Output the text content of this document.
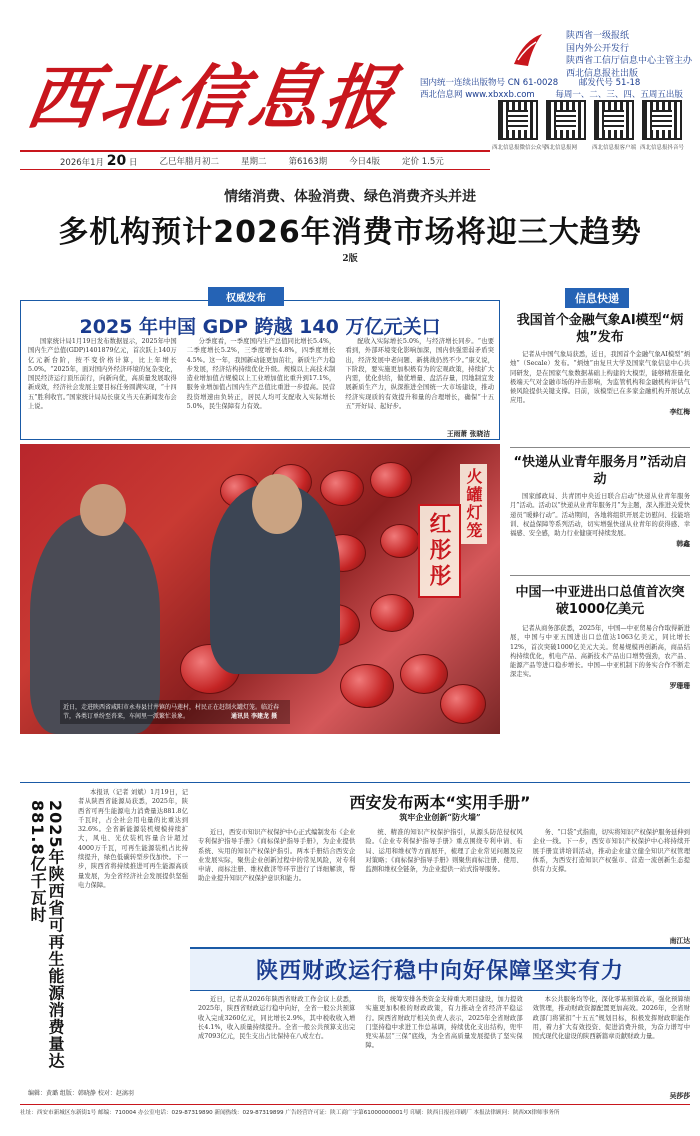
西北信息报
陕西省一级报纸
国内外公开发行
陕西省工信厅信息中心主管主办
西北信息报社出版
国内统一连续出版物号 CN 61-0028 邮发代号 51-18
西北信息网 www.xbxxb.com 每周一、二、三、四、五周五出版
西北信息报微信公众号
西北信息报网	西北信息报客户端 西北信息报抖音号
2026年1月 20 日	乙巳年腊月初二	星期二	第6163期	今日4版	定价 1.5元
情绪消费、体验消费、绿色消费齐头并进
多机构预计2026年消费市场将迎三大趋势
2版
权威发布
2025 年中国 GDP 跨越 140 万亿元关口

国家统计局1月19日发布数据显示，2025年中国国内生产总值(GDP)1401879亿元，首次跃上140万亿元新台阶，按不变价格计算，比上年增长5.0%。“2025年，面对国内外经济环境的复杂变化，国民经济运行顶压前行，向新向优，高质量发展取得新成效，经济社会发展主要目标任务圆满实现，“十四五”胜利收官。”国家统计局局长康义当天在新闻发布会上说。

分季度看，一季度国内生产总值同比增长5.4%，二季度增长5.2%，三季度增长4.8%，四季度增长4.5%。这一年，我国新动能更加茁壮，新质生产力稳步发展，经济结构持续优化升级。规模以上高技术制造业增加值占规模以上工业增加值比重升到17.1%，服务业增加值占国内生产总值比重进一步提高。民营投资增速由负转正，居民人均可支配收入实际增长5.0%，民生保障有力有效。

配收入实际增长5.0%，与经济增长同步。“也要看到，外部环境变化影响加深，国内供强需弱矛盾突出，经济发展中老问题、新挑战仍然不少。”康义说，下阶段，要实施更加积极有为的宏观政策，持续扩大内需，优化供给，做优增量、盘活存量，因地制宜发展新质生产力，纵深推进全国统一大市场建设，推动经济实现质的有效提升和量的合理增长，确保“十五五”开好局、起好步。

王雨萧 张晓洁
火罐灯笼
红彤彤
近日，走进陕西省咸阳市永寿县甘井镇的马莲村，村民正在赶制火罐灯笼。临近春节，各类订单纷至沓来，车间里一派繁忙景象。	通讯员 李建龙 摄
信息快递
我国首个金融气象AI模型“炳烛”发布

记者从中国气象局获悉，近日，我国首个金融气象AI模型“炳烛”（Secale）发布。“炳烛”由复旦大学及国家气象信息中心共同研发，是在国家气象数据基础上构建的大模型，能够精准量化极端天气对金融市场的冲击影响，为监管机构和金融机构评估气候风险提供关键支撑。目前，该模型已在多家金融机构开展试点应用。

李红梅
“快递从业青年服务月”活动启动

国家邮政局、共青团中央近日联合启动“快递从业青年服务月”活动。活动以“快递从业青年服务月”为主题，深入推进关爱快递员“暖蜂行动”。活动期间，各地将组织开展走访慰问、技能培训、权益保障等系列活动，切实增强快递从业青年的获得感、幸福感、安全感，助力行业健康可持续发展。

韩鑫
中国一中亚进出口总值首次突破1000亿美元

记者从商务部获悉，2025年，中国—中亚贸易合作取得新进展，中国与中亚五国进出口总值达1063亿美元，同比增长12%，首次突破1000亿美元大关。贸易规模再创新高，商品结构持续优化，机电产品、高新技术产品出口增势强劲，农产品、能源产品等进口稳步增长。中国—中亚机制下的务实合作不断走深走实。

罗珊珊
2025年陕西省可再生能源消费量达881.8亿千瓦时

本报讯（记者 刘斌）1月19日，记者从陕西省能源局获悉，2025年，陕西省可再生能源电力消费量达881.8亿千瓦时，占全社会用电量的比重达到32.6%。全省新能源装机规模持续扩大，风电、光伏装机容量合计超过4000万千瓦，可再生能源装机占比持续提升，绿色低碳转型步伐加快。下一步，陕西省将持续推进可再生能源高质量发展，为全省经济社会发展提供坚强电力保障。

编辑：黄璐 组版：韩晓静 校对：赵漓羽
西安发布两本“实用手册”
筑牢企业创新“防火墙”

近日，西安市知识产权保护中心正式编制发布《企业专利保护指导手册》《商标保护指导手册》，为企业提供系统、实用的知识产权保护指引。两本手册结合西安企业发展实际，聚焦企业创新过程中的常见风险，对专利申请、商标注册、维权救济等环节进行了详细解读，帮助企业提升知识产权保护意识和能力。

统、精准的知识产权保护指引，从源头防范侵权风险。《企业专利保护指导手册》重点围绕专利申请、布局、运用和维权等方面展开，梳理了企业常见问题及应对策略；《商标保护指导手册》则聚焦商标注册、使用、监测和维权全链条，为企业提供一站式指导服务。

务、“口袋”式指南，切实将知识产权保护服务延伸到企业一线。下一步，西安市知识产权保护中心将持续开展手册宣讲培训活动，推动企业建立健全知识产权管理体系，为西安打造知识产权强市、营造一流创新生态提供有力支撑。

南江达
陕西财政运行稳中向好保障坚实有力

近日，记者从2026年陕西省财政工作会议上获悉，2025年，陕西省财政运行稳中向好，全省一般公共预算收入完成3260亿元，同比增长2.9%，其中税收收入增长4.1%，收入质量持续提升。全省一般公共预算支出完成7093亿元，民生支出占比保持在八成左右。

资，统筹安排各类资金支持重大项目建设，加力提效实施更加积极的财政政策，有力推动全省经济平稳运行。陕西省财政厅相关负责人表示，2025年全省财政部门坚持稳中求进工作总基调，持续优化支出结构，兜牢兜实基层“三保”底线，为全省高质量发展提供了坚实保障。

本公共服务均等化，深化零基预算改革，强化预算绩效管理，推动财政资源配置更加高效。2026年，全省财政部门将紧扣“十五五”规划目标，积极发挥财政职能作用，着力扩大有效投资、促进消费升级，为奋力谱写中国式现代化建设的陕西新篇章贡献财政力量。

吴莎莎
社址：西安市新城区东新街1号 邮编：710004 办公室电话：029-87319890 新闻热线：029-87319899 广告经营许可证：陕工商广字第61000000001号 印刷：陕西日报社印刷厂 本报法律顾问：陕西XX律师事务所
